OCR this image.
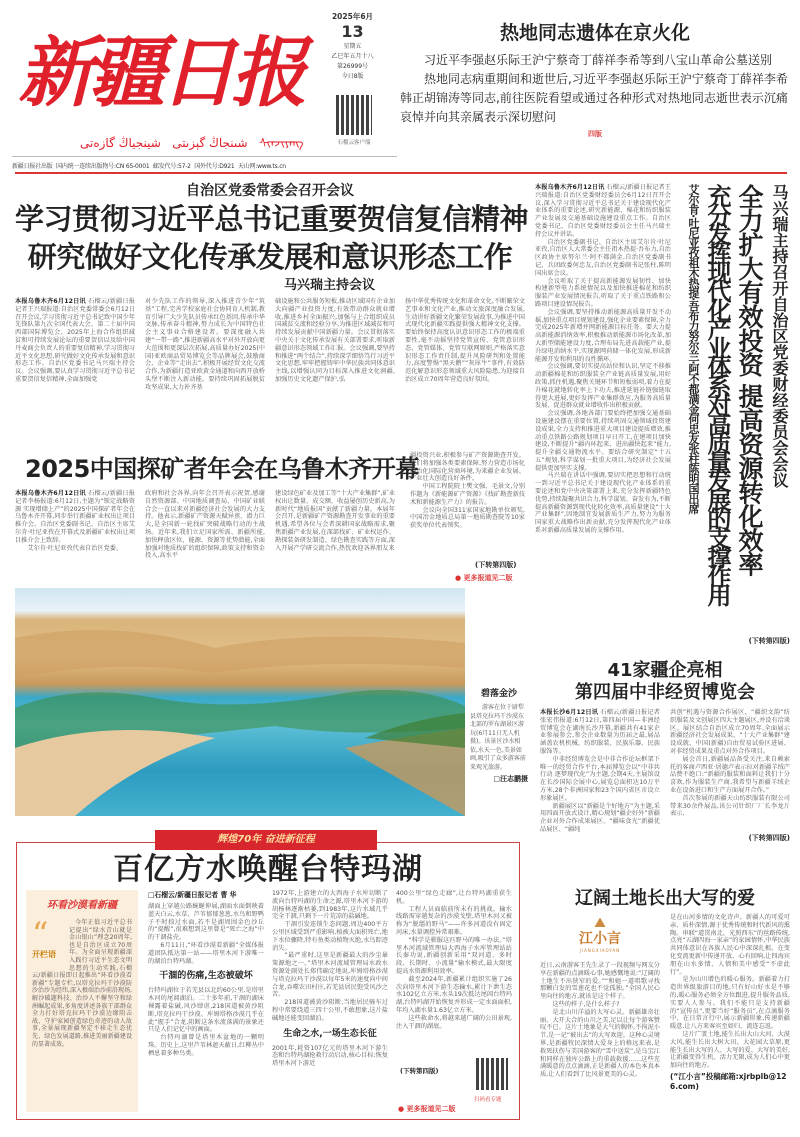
新疆日报
شىنجاڭ گېزىتى   شينجياڭ گازەتى	ᠰᠢᠨᠵᠢᠶᠠᠩ
2025年6月
13
星期五
乙巳年五月十八
第26999号
今日8版
石榴云客户端
新疆日报社出版 国内统一连续出版物号:CN 65-0001 邮发代号:57-2 国外代号:D921 天山网:www.ts.cn
热地同志遗体在京火化

习近平李强赵乐际王沪宁蔡奇丁薛祥李希等到八宝山革命公墓送别

热地同志病重期间和逝世后,习近平李强赵乐际王沪宁蔡奇丁薛祥李希韩正胡锦涛等同志,前往医院看望或通过各种形式对热地同志逝世表示沉痛哀悼并向其亲属表示深切慰问

四版
自治区党委常委会召开会议
学习贯彻习近平总书记重要贺信复信精神
研究做好文化传承发展和意识形态工作
马兴瑞主持会议
本报乌鲁木齐6月12日讯 石榴云/新疆日报记者王兴瑞报道:自治区党委常委会6月12日召开会议,学习贯彻习近平总书记致中国少年先锋队第九次全国代表大会、第二十届中国西部国际博览会、2025年上海合作组织减贫和可持续发展论坛的重要贺信以及给中国丹麦商会负责人的重要复信精神,学习贯彻习近平文化思想,研究做好文化传承发展和意识形态工作。自治区党委书记马兴瑞主持会议。会议强调,要认真学习贯彻习近平总书记重要贺信复信精神,全面加强党
对少先队工作的领导,深入推进青少年“筑基”工程,完善学校家庭社会协同育人机制,教育引导广大少先队员传承红色基因,传承中华文脉,传承奋斗精神,努力成长为中国特色社会主义事业合格建设者。要深度融入共建“一带一路”,推进新疆高水平对外开放向更大范围和更深层次拓展,高质量办好2025(中国)亚欧商品贸易博览会等品牌展会,鼓励商会、企业等“走出去”,积极开展经贸文化交流合作,为新疆打造亚欧黄金通道和向西开放桥头堡不断注入新动能。要持续巩固拓展脱贫攻坚成果,大力补齐基
础设施和公共服务短板,推动区域国有企业加大向疆产业投资力度,有效带动群众就业增收,推进乡村全面振兴,加强与上合组织成员国减贫交流和经验分享,为推进区域减贫和可持续发展贡献中国新疆力量。会议贯彻落实中央关于文化传承发展有关部署要求,听取新疆意识形态领域工作汇报。会议强调,要坚持和推进“两个结合”,持续深学细悟笃行习近平文化思想,牢牢把握铸牢中华民族共同体意识主线,以增强认同为目标深入推进文化润疆,加强历史文化遗产保护,弘
扬中华优秀传统文化和革命文化,不断繁荣文艺事业和文化产业,推动文旅深度融合发展,生动讲好新疆文化繁荣发展故事,为推进中国式现代化新疆实践提供强大精神文化支撑。要始终保持高度认识意识形态工作的极端重要性,毫不动摇坚持党管宣传、党管意识形态、党管媒体、党管互联网原则,严格落实意识形态工作责任制,提升风险研判和处置能力,高度警惕“黑天鹅”“灰犀牛”事件,有效防范化解意识形态领域重大风险隐患,为迎接自治区成立70周年营造良好氛围。	马兴瑞主持召开自治区党委财经委员会会议
全力扩大有效投资 提高资源转化效率
充分发挥现代化产业体系对高质量发展的支撑作用
艾尔肯·吐尼亚孜祖木热提·吾布力努尔兰·阿不都满金何忠友张柱陈明国出席
本报乌鲁木齐6月12日讯 石榴云/新疆日报记者王兴瑞报道:自治区党委财经委员会6月12日召开会议,深入学习贯彻习近平总书记关于建设现代化产业体系的重要论述,研究新能源、棉花和纺织服装产业发展及交通基础设施建设重点工作。自治区党委书记、自治区党委财经委员会主任马兴瑞主持会议并讲话。

自治区党委副书记、自治区主席艾尔肯·吐尼亚孜,自治区人大常委会主任祖木热提·吾布力,自治区政协主席努尔兰·阿不都满金,自治区党委副书记、兵团政委何忠友,自治区党委副书记张柱,陈明国出席会议。

会议听取了关于提高新能源发展韧性、加快构建新型电力系统情况以及加快推进棉花和纺织服装产业发展情况报告,听取了关于重点铁路和公路项目建设情况报告。

会议强调,要坚持推动新能源高质量开发不动摇,加快重点项目规划建设,强化企业要素保障,全力完成2025年新增并网新能源目标任务。要大力提高新能源消纳效率,积极推动新能源市场化改革,加大新型储能建设力度,合理布局先进高载能产业,提升绿电消纳水平,实现源网荷储一体化发展,形成新能源开发和利用的良性循环。

会议强调,要切实提高站位和认识,坚定不移推动新疆棉花和纺织服装全产业链高质量发展,用好政策,抓住机遇,聚焦关键环节和短板弱项,着力在提升棉花就地转化率上下功夫,推进延链补链强链取得更大进展,更好发挥产业集群效应,为服务高质量发展、促进群众就业增收作出积极贡献。

会议强调,各地各部门要始终把加强交通基础设施建设摆在重要位置,持续巩固交通领域投资建设成果,全力支持和推进重大项目建设提质增效,推动重点铁路公路规划项目早日开工,在建项目加快建设,不断提升“疆内环起来、进出疆快起来”能力,提升全疆交通物流水平。要结合研究制定“十五五”规划,科学谋划一批重大项目,为经济社会发展提供更加坚实支撑。

马兴瑞在讲话中强调,要切实把思想和行动统一到习近平总书记关于建设现代化产业体系的重要论述和党中央决策部署上来,充分发挥新疆特色优势,持续凝聚共识合力,科学谋划、奋发有为,不断提高新疆资源到现代化转化效率,高质量建设“十大产业集群”,因地制宜发展新质生产力,努力为服务国家重大战略作出新贡献,充分发挥现代化产业体系对新疆高质量发展的支撑作用。

(下转第四版)
2025中国探矿者年会在乌鲁木齐开幕
本报乌鲁木齐6月12日讯 石榴云/新疆日报记者李杨报道:6月12日,主题为“锁定战略资源 实现增储上产”的2025中国探矿者年会在乌鲁木齐开幕,同步举行新疆矿业权出让项目推介会。自治区党委副书记、自治区主席艾尔肯·吐尼亚孜在开幕式及新疆矿业权出让项目推介会上致辞。

艾尔肯·吐尼亚孜代表自治区党委、

政府和社会各界,向年会召开表示祝贺,感谢自然资源部、中国地质调查局、中国矿业联合会一直以来对新疆经济社会发展的大力支持。他表示,新疆矿产资源天赋异禀、潜力巨大,是全国新一轮找矿突破战略行动的主战场。近年来,我们立足国家所需、新疆所能,加快释放区位、能源、资源等优势潜能,全面加强对地质找矿的组织保障,政策支持和资金投入,高水平
建设绿色矿业及加工等“十大产业集群”,矿业权出让数量、成交额、收益屡创历史新高,为新时代“地质报国”贡献了新疆力量。本届年会召开,是新疆矿产资源勘查开发事业的重要机遇,希望各位与会者深耕国家战略需求,聚焦新疆产业发展,在深部找矿、矿业权运作、勘探装备研发制造、绿色勘查实践等方面,深入开展产学研交流合作,热忱欢迎各界朋友来
疆投资兴业,积极参与矿产资源勘查开发。我们将加强各类要素保障,努力营造市场化法治化国际化营商环境,为来疆企业发展、产业壮大创造良好条件。

中国工程院院士樊文强、毛景文,分别作题为《新能源矿产资源》《找矿勘查新技术和新能源生产力》的报告。

会议向全国311家国家地勘单位颁奖,中国冶金地质总局第一地质勘查院等10家获奖单位代表领奖。

(下转第四版)
● 更多报道见二版
碧落金沙
游客在位于尉犁县塔克拉玛干沙漠东北部的罗布湖景区游玩(6月11日无人机摄)。该景区沙水相依,水天一色,美景如画,吸引了众多游客前来观光旅游。
□汪志鹏摄
41家疆企亮相
第四届中非经贸博览会
本报长沙6月12日讯 石榴云/新疆日报记者张宏伟报道:6月12日,第四届中国—非洲经贸博览会在湖南长沙开幕,新疆共有41家企业参展参会,参会企业数量为历届之最,展品涵盖农机机械、纺织服装、民族乐器、民族服饰等。

中非经贸博览会是中非合作论坛框架下唯一的经贸合作平台,本届博览会以“中非共行动 逐梦现代化”为主题,会期4天,主展馆设在长沙国际会展中心,展览总面积达10万平方米,28个非洲国家和23个国内省区市设立形象展区。

新疆展区以“新疆是个好地方”为主题,采用四面开放式设计,精心规划“疆企好外”新疆企业对外合作成果展区、“疆味食光”新疆优品展区、“疆纯

共创”机遇与资源合作展区、“疆织文韵”纺织服装及文创展区四大主题展区,并设有洽谈区。展区结合自治区成立70周年,全面展示新疆经济社会发展成果、“十大产业集群”建设成就、中国(新疆)自由贸易试验区进展、对非经贸成果及重点对外合作项目。

展会首日,新疆展品备受关注,来自赖索托的客商卢西亚·居德卢表示拉对新疆羊绒产品赞不绝口:“新疆的服装和面料让我们十分喜欢,作为服装生产商,我希望与新疆羊绒企业在设备进口和生产方面展开合作。”

首次参展的新疆天山纺织服装有限公司带来30余件展品,该公司针织厂厂长李龙斤表示,

(下转第四版)
辉煌70年 奋进新征程
百亿方水唤醒台特玛湖
环看沙漠看新疆
“
开栏语
今年正值习近平总书记提出“绿水青山就是金山银山”理念20周年,也是自治区成立70周年。为全面呈现新疆深入践行习近平生态文明思想的生动实践,石榴云/新疆日报即日起推出“环看沙漠看新疆”专题专栏,以塔克拉玛干沙漠防沙治沙为经纬,深入极端治沙前沿现场,解沙破题科技、治沙人不懈坚守和绿洲崛起成果,多角度讲述各族干部群众全力打好塔克拉玛干沙漠边缘阻击战、守护家园创造绿色奇迹的动人故事,全景展现新疆坚定不移走生态优先、绿色发展道路,推进美丽新疆建设的显著成效。
□石榴云/新疆日报记者 曹 华
湖面上穿越公路蜿蜒伸展,湖面水面倒映着蓝天白云,水草、芦苇郁郁葱葱,水鸟和野鸭子不时掠过水面,若不是湖周围金色沙丘的“提醒”,很难想到这里曾是“死亡之海”中的干涸盐壳。

6月11日,“环看沙漠看新疆”全媒体报道团队抵达第一站——塔里木河下游唯一的湖泊台特玛湖。

干涸的伤痛,生态被破坏
台特玛湖位于若羌县以北约60公里,是塔里木河的尾闾湖泊。二十多年前,干涸的湖床裸露着盐碱,风沙肆虐,218国道被黄沙阻断,塔克拉玛干沙漠、库姆塔格沙漠几乎在此“握手”合龙,阻断这条水流落满的景象还只是人们记忆中的画面。

台特玛湖曾是塔里木盆地的一颗明珠。历史上,这里芦苇林遮天蔽日,红柳丛中栖息着多种鸟类。

1972年,上游建立的大西海子水库切断了流向台特玛湖的生命之源,塔里木河下游的胡杨林逐渐枯萎,到1983年,这片水域几乎完全干涸,只剩下一片荒凉的盐碱地。

干涸引发连锁生态问题,周边400平方公里区域受到严重影响,植被大面积死亡,地下水位骤降,特有鱼类动植物灭绝,水鸟踪迹消失。

“最严重时,这里是新疆最大的沙尘暴策源地之一。”塔里木河流域管理局水政水资源处副处长郑伟确定地说,库姆塔格沙漠与塔克拉玛干沙漠以每年5米的速度向中间合龙,吞噬农田村庄,若羌县居民饱受风沙之苦。

218国道被黄沙阻断,当地居民骑车过程中常要绕道三四十公里,不敢想象,这片盐碱地还能变回湖泊。

生命之水,一场生态长征
2001年,耗资107亿元的塔里木河下游生态和台特玛湖抢救行动启动,核心目标:恢复塔里木河下游近
400公里“绿色走廊”,让台特玛湖重获生机。

工程人员面临前所未有的挑战。输水线路需穿越复杂的沙漠戈壁,塔里木河又被称为“脱缰的野马”——许多河道没有固定河床,水量调控异常艰难。

“科学是驯服这匹野马的唯一办法。”塔里木河流域管理局大西海子水库管理站站长秦功说,新疆创新采用“双河道、多时段、长期时、小流量”输水模式,最大限度提高水资源利用效率。

截至2024年,新疆累计组织实施了26次向塔里木河下游生态输水,累计下泄生态水102亿立方米,水头19次抵达尾闾台特玛湖,台特玛湖开始恢复并形成一定水面面积,年均入湖水量1.63亿立方米。

这些救命水,将越来越广阔的公田景观,注入干涸的湖底。

(下转第四版)
● 更多报道见二版
扫码看专题
辽阔土地长出大写的爱
⛰
江小言
JIANGXIAOYAN
近日,云南游客王先生录了一段视频与网友分享在新疆的点滴暖心事,她感慨地说:“辽阔的土地生不出狭窄的爱。”“和她一道唱歌寻找那颗白发的雪莲花也不觉孤独。”全国人民心里向往的地方,就该是这个样子。

这些的样子,是什么样子?

是北山川洋溢的大写心灵。新疆雄奇壮丽、大开大合的山川之美,足以让每个游客赞叹不已。这片土地象是大气的胸怀,不拘泥小节,是一记“被出去”的大写欢迎。这种心灵境界,是新疆牧民深情大爱身上的格远来表,是救死扶伤与美国游客的“雪中送炭”,是乌宝江和同样在独库公路上的重载救援……这些充满暖意的点点滴滴,正是新疆人的本色本真本质,让人们看到了比风景更美的心灵。

是在山河多情的文化诗声。新疆人的可爱可亲、质朴深情,源于优秀传统和时代新风的熏陶。串联“道贯南北、光照西东”的丝路传统,点亮“五湖四海一家亲”的家园情怀,中华民族共同体意识在各族人民心中深深扎根。在变化变流更新中传递开放、心有回响,让四海宾朋在山水多情、人情和美中感受“不虚此行”。

是为山川增色的暖心服务。新疆着力打造世界级旅游目的地,只有好山好水是不够的,暖心服务必须全方位跟进,提升服务品质,实要人人参与。我们不能只是支持新疆的“宣传员”,更要当好“服务员”,在点滴服务中、在日常言行中,展示新疆形象,传递新疆暖意,让八方来客宾至如归、流连忘返。

这片广袤土地,能生长出大山大河、大漠大风,能生长出大树大田、大花园大草原,更能生长出大写的人、大写的爱、大写的美好,让新疆变得生机、活力无限,成为人们心中更加向往的地方。

(“江小言”投稿邮箱:xjrbplb@126.com)
